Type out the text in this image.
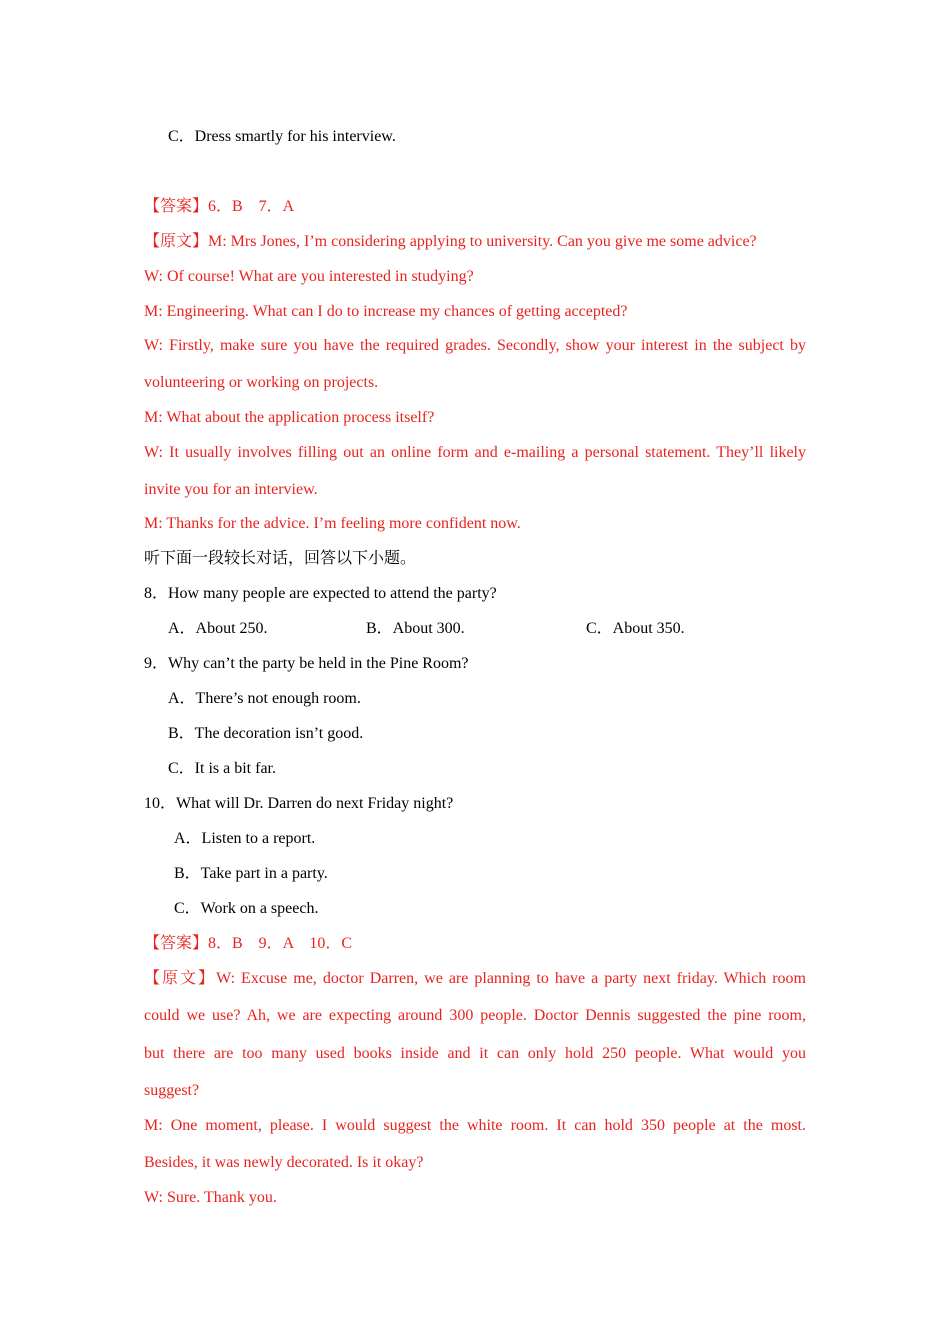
C．Dress smartly for his interview.
【答案】6．B　7．A
【原文】M: Mrs Jones, I’m considering applying to university. Can you give me some advice?
W: Of course! What are you interested in studying?
M: Engineering. What can I do to increase my chances of getting accepted?
W: Firstly, make sure you have the required grades. Secondly, show your interest in the subject by
volunteering or working on projects.
M: What about the application process itself?
W: It usually involves filling out an online form and e-mailing a personal statement. They’ll likely
invite you for an interview.
M: Thanks for the advice. I’m feeling more confident now.
听下面一段较长对话，回答以下小题。
8．How many people are expected to attend the party?
A．About 250.	B．About 300.	C．About 350.
9．Why can’t the party be held in the Pine Room?
A．There’s not enough room.
B．The decoration isn’t good.
C．It is a bit far.
10．What will Dr. Darren do next Friday night?
A．Listen to a report.
B．Take part in a party.
C．Work on a speech.
【答案】8．B　9．A　10．C
【原文】W: Excuse me, doctor Darren, we are planning to have a party next friday. Which room
could we use? Ah, we are expecting around 300 people. Doctor Dennis suggested the pine room,
but there are too many used books inside and it can only hold 250 people. What would you
suggest?
M: One moment, please. I would suggest the white room. It can hold 350 people at the most.
Besides, it was newly decorated. Is it okay?
W: Sure. Thank you.
